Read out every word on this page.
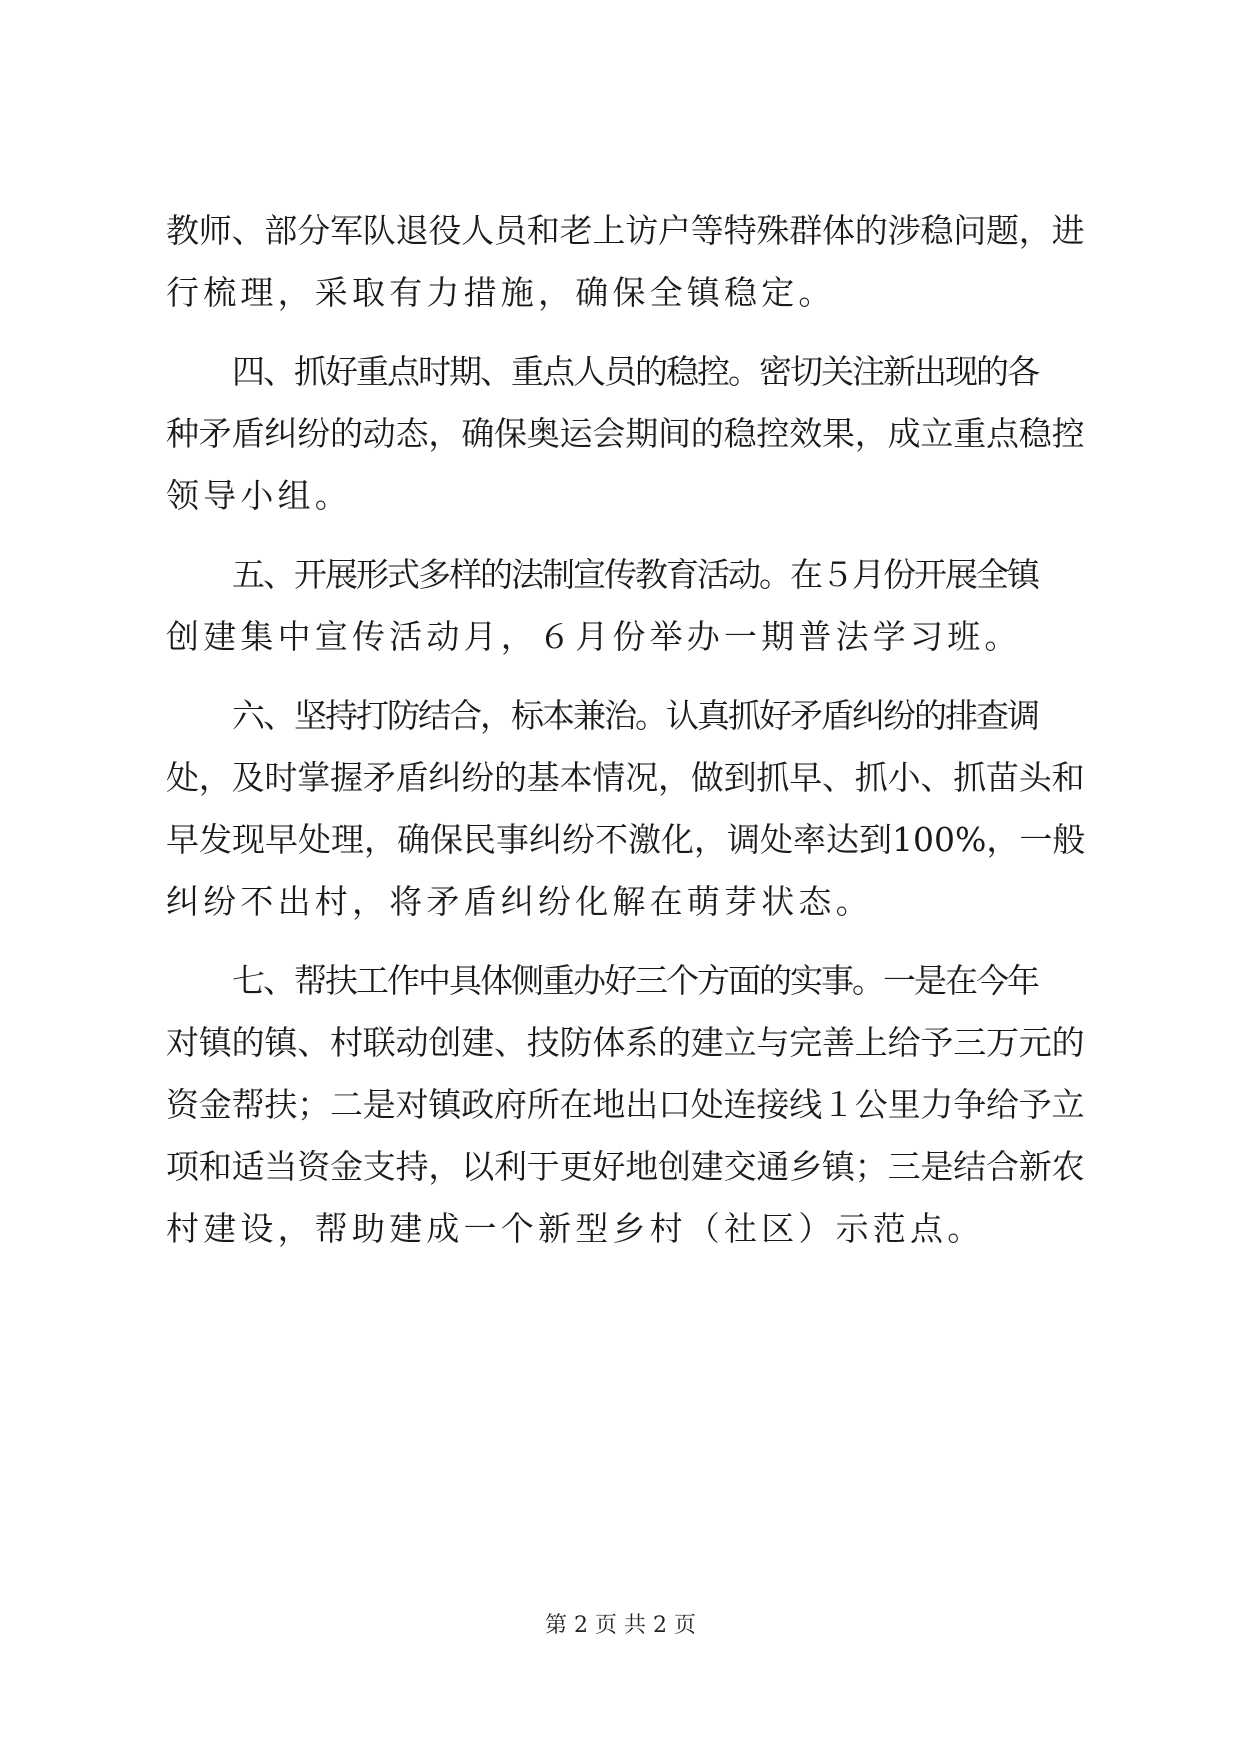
教师、部分军队退役人员和老上访户等特殊群体的涉稳问题，进

行梳理，采取有力措施，确保全镇稳定。

四、抓好重点时期、重点人员的稳控。密切关注新出现的各

种矛盾纠纷的动态，确保奥运会期间的稳控效果，成立重点稳控

领导小组。

五、开展形式多样的法制宣传教育活动。在５月份开展全镇

创建集中宣传活动月，６月份举办一期普法学习班。

六、坚持打防结合，标本兼治。认真抓好矛盾纠纷的排查调

处，及时掌握矛盾纠纷的基本情况，做到抓早、抓小、抓苗头和

早发现早处理，确保民事纠纷不激化，调处率达到100%，一般

纠纷不出村，将矛盾纠纷化解在萌芽状态。

七、帮扶工作中具体侧重办好三个方面的实事。一是在今年

对镇的镇、村联动创建、技防体系的建立与完善上给予三万元的

资金帮扶；二是对镇政府所在地出口处连接线１公里力争给予立

项和适当资金支持，以利于更好地创建交通乡镇；三是结合新农

村建设，帮助建成一个新型乡村（社区）示范点。

第 2 页 共 2 页
